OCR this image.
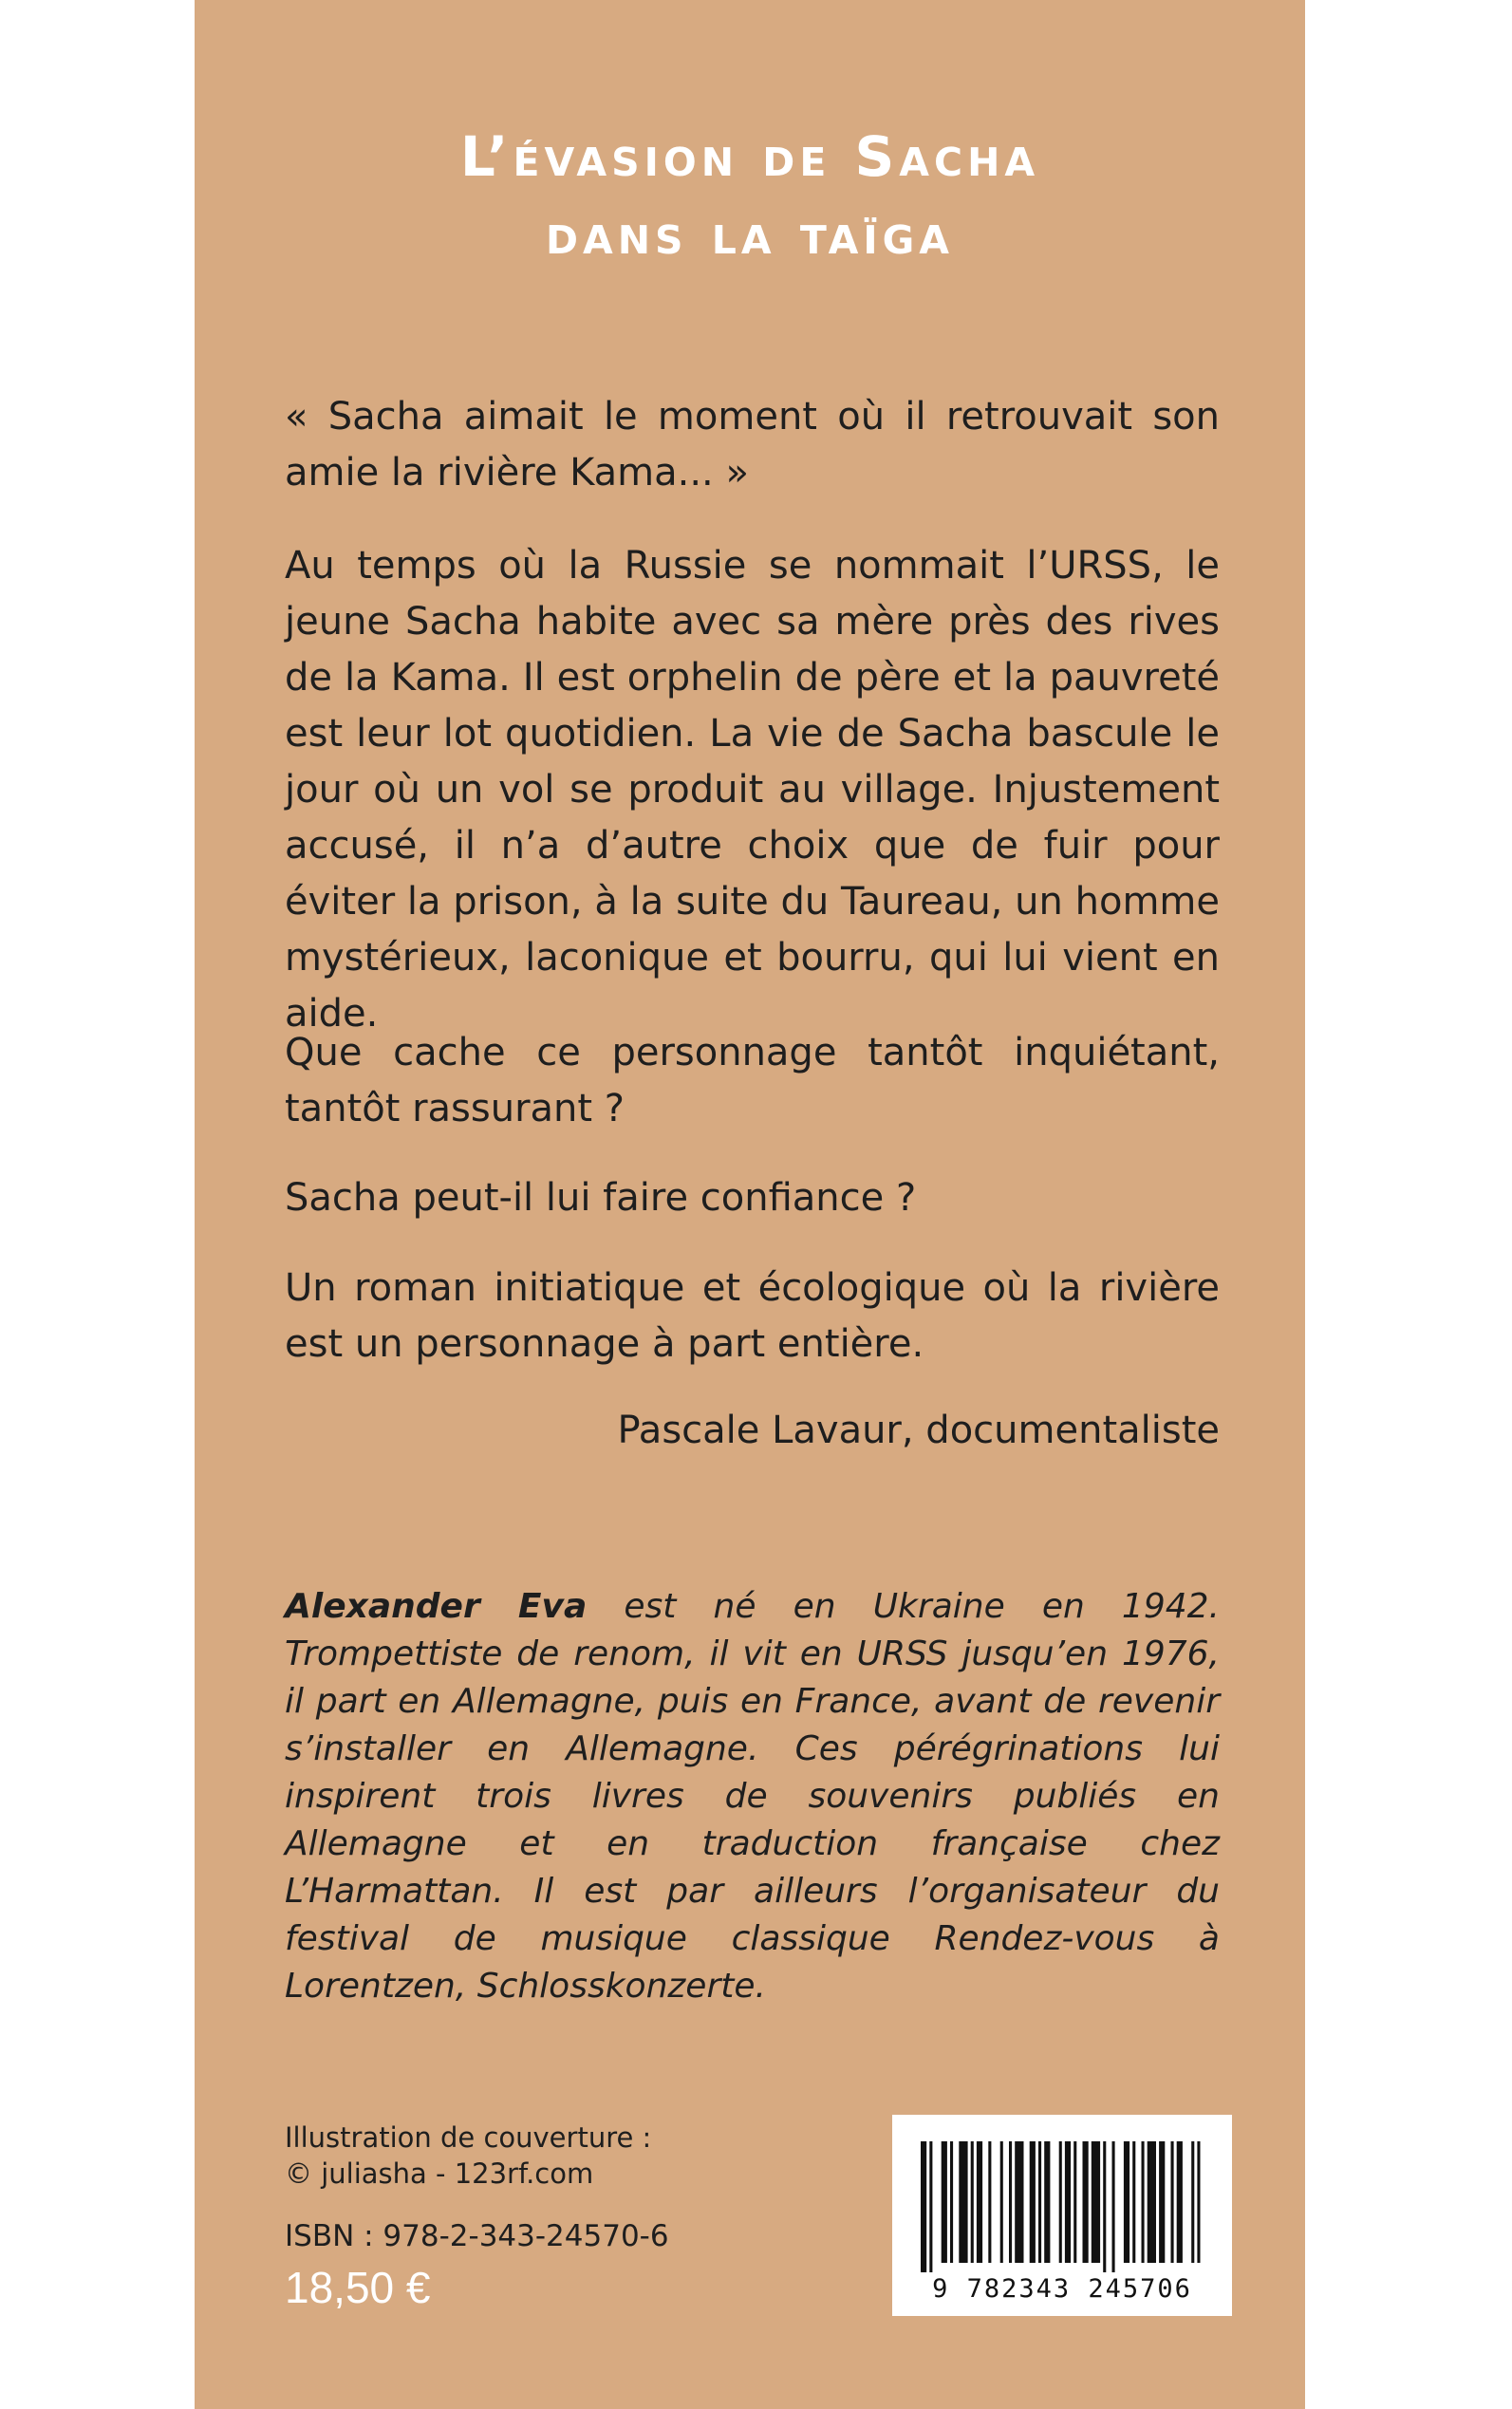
L’évasion de Sacha
dans la taïga
« Sacha aimait le moment où il retrouvait son amie la rivière Kama... »
Au temps où la Russie se nommait l’URSS, le jeune Sacha habite avec sa mère près des rives de la Kama. Il est orphelin de père et la pauvreté est leur lot quotidien. La vie de Sacha bascule le jour où un vol se produit au village. Injustement accusé, il n’a d’autre choix que de fuir pour éviter la prison, à la suite du Taureau, un homme mystérieux, laconique et bourru, qui lui vient en aide.
Que cache ce personnage tantôt inquiétant, tantôt rassurant ?
Sacha peut-il lui faire confiance ?
Un roman initiatique et écologique où la rivière est un personnage à part entière.
Pascale Lavaur, documentaliste
Alexander Eva est né en Ukraine en 1942. Trompettiste de renom, il vit en URSS jusqu’en 1976, il part en Allemagne, puis en France, avant de revenir s’installer en Allemagne. Ces pérégrinations lui inspirent trois livres de souvenirs publiés en Allemagne et en traduction française chez L’Harmattan. Il est par ailleurs l’organisateur du festival de musique classique Rendez-vous à Lorentzen, Schlosskonzerte.
Illustration de couverture :
© juliasha - 123rf.com
ISBN : 978-2-343-24570-6
18,50 €	9 782343 245706
